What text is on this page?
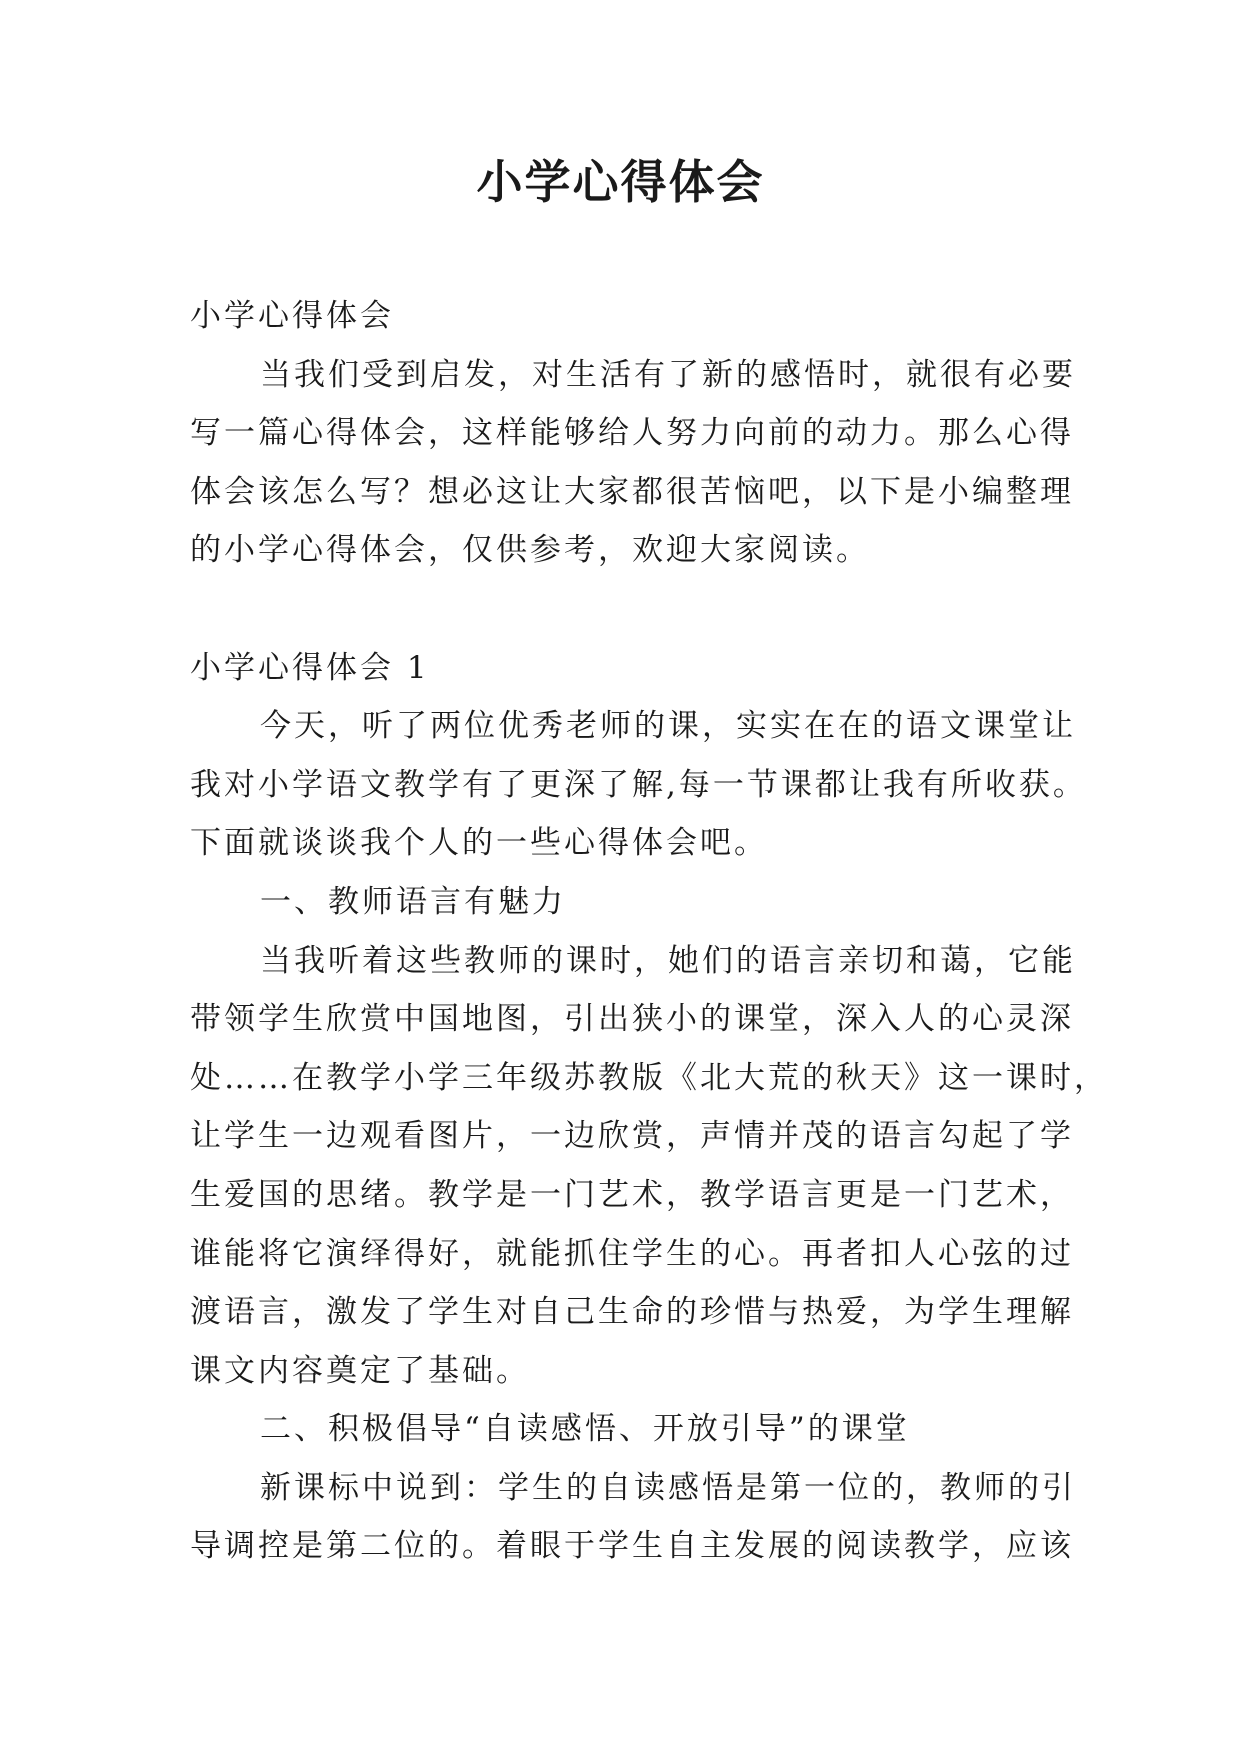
小学心得体会
小学心得体会
当我们受到启发，对生活有了新的感悟时，就很有必要
写一篇心得体会，这样能够给人努力向前的动力。那么心得
体会该怎么写？想必这让大家都很苦恼吧，以下是小编整理
的小学心得体会，仅供参考，欢迎大家阅读。
小学心得体会 1
今天，听了两位优秀老师的课，实实在在的语文课堂让
我对小学语文教学有了更深了解,每一节课都让我有所收获。
下面就谈谈我个人的一些心得体会吧。
一、教师语言有魅力
当我听着这些教师的课时，她们的语言亲切和蔼，它能
带领学生欣赏中国地图，引出狭小的课堂，深入人的心灵深
处……在教学小学三年级苏教版《北大荒的秋天》这一课时，
让学生一边观看图片，一边欣赏，声情并茂的语言勾起了学
生爱国的思绪。教学是一门艺术，教学语言更是一门艺术，
谁能将它演绎得好，就能抓住学生的心。再者扣人心弦的过
渡语言，激发了学生对自己生命的珍惜与热爱，为学生理解
课文内容奠定了基础。
二、积极倡导“自读感悟、开放引导”的课堂
新课标中说到：学生的自读感悟是第一位的，教师的引
导调控是第二位的。着眼于学生自主发展的阅读教学，应该
